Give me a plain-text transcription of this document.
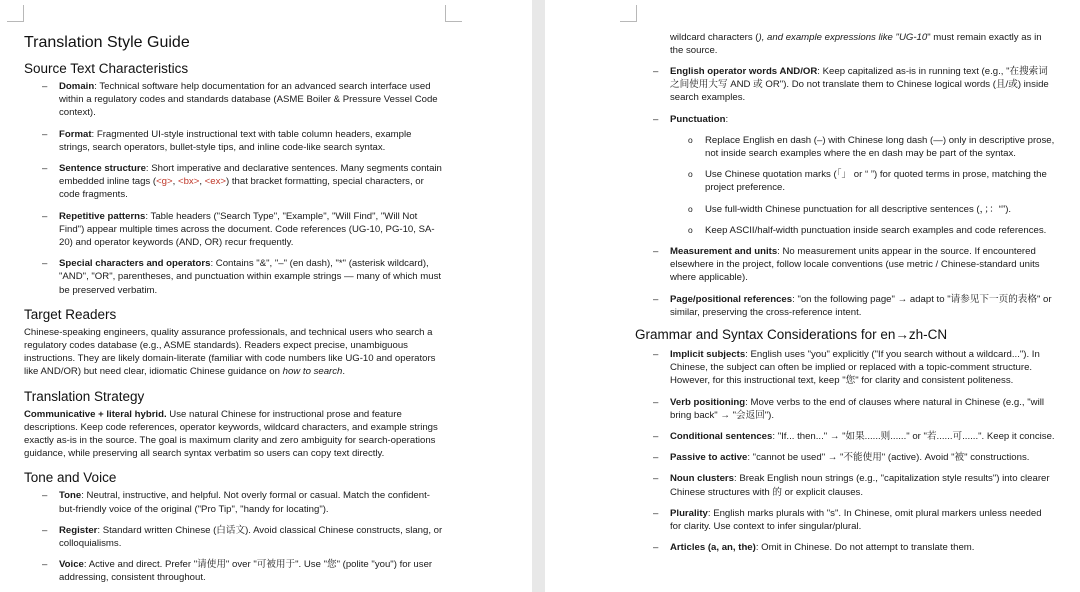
Translation Style Guide
Source Text Characteristics
– Domain: Technical software help documentation for an advanced search interface used within a regulatory codes and standards database (ASME Boiler & Pressure Vessel Code context).
– Format: Fragmented UI-style instructional text with table column headers, example strings, search operators, bullet-style tips, and inline code-like search syntax.
– Sentence structure: Short imperative and declarative sentences. Many segments contain embedded inline tags (<g>, <bx>, <ex>) that bracket formatting, special characters, or code fragments.
– Repetitive patterns: Table headers ("Search Type", "Example", "Will Find", "Will Not Find") appear multiple times across the document. Code references (UG-10, PG-10, SA-20) and operator keywords (AND, OR) recur frequently.
– Special characters and operators: Contains "&", "–" (en dash), "*" (asterisk wildcard), "AND", "OR", parentheses, and punctuation within example strings — many of which must be preserved verbatim.
Target Readers

Chinese-speaking engineers, quality assurance professionals, and technical users who search a regulatory codes database (e.g., ASME standards). Readers expect precise, unambiguous instructions. They are likely domain-literate (familiar with code numbers like UG-10 and operators like AND/OR) but need clear, idiomatic Chinese guidance on how to search.

Translation Strategy

Communicative + literal hybrid. Use natural Chinese for instructional prose and feature descriptions. Keep code references, operator keywords, wildcard characters, and example strings exactly as-is in the source. The goal is maximum clarity and zero ambiguity for search-operations guidance, while preserving all search syntax verbatim so users can copy text directly.

Tone and Voice
– Tone: Neutral, instructive, and helpful. Not overly formal or casual. Match the confident-but-friendly voice of the original ("Pro Tip", "handy for locating").
– Register: Standard written Chinese (白话文). Avoid classical Chinese constructs, slang, or colloquialisms.
– Voice: Active and direct. Prefer "请使用" over "可被用于". Use "您" (polite "you") for user addressing, consistent throughout.

wildcard characters (), and example expressions like "UG-10" must remain exactly as in the source.

– English operator words AND/OR: Keep capitalized as-is in running text (e.g., "在搜索词之间使用大写 AND 或 OR"). Do not translate them to Chinese logical words (且/或) inside search examples.
– Punctuation:
o Replace English en dash (–) with Chinese long dash (—) only in descriptive prose, not inside search examples where the en dash may be part of the syntax.
o Use Chinese quotation marks (「」 or “ ”) for quoted terms in prose, matching the project preference.
o Use full-width Chinese punctuation for all descriptive sentences (，；：“”).
o Keep ASCII/half-width punctuation inside search examples and code references.
– Measurement and units: No measurement units appear in the source. If encountered elsewhere in the project, follow locale conventions (use metric / Chinese-standard units where applicable).
– Page/positional references: "on the following page" → adapt to "请参见下一页的表格" or similar, preserving the cross-reference intent.
Grammar and Syntax Considerations for en→zh-CN
– Implicit subjects: English uses "you" explicitly ("If you search without a wildcard..."). In Chinese, the subject can often be implied or replaced with a topic-comment structure. However, for this instructional text, keep "您" for clarity and consistent politeness.
– Verb positioning: Move verbs to the end of clauses where natural in Chinese (e.g., "will bring back" → "会返回").
– Conditional sentences: "If... then..." → "如果......则......" or "若......可......". Keep it concise.
– Passive to active: "cannot be used" → "不能使用" (active). Avoid "被" constructions.
– Noun clusters: Break English noun strings (e.g., "capitalization style results") into clearer Chinese structures with 的 or explicit clauses.
– Plurality: English marks plurals with "s". In Chinese, omit plural markers unless needed for clarity. Use context to infer singular/plural.
– Articles (a, an, the): Omit in Chinese. Do not attempt to translate them.
